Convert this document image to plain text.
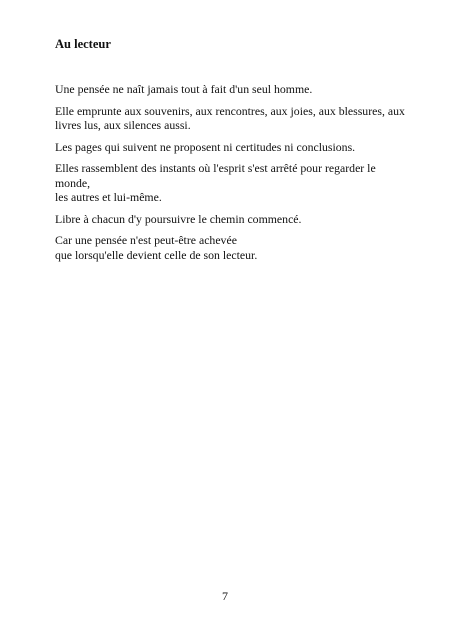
Au lecteur

Une pensée ne naît jamais tout à fait d'un seul homme.

Elle emprunte aux souvenirs, aux rencontres, aux joies, aux blessures, aux
livres lus, aux silences aussi.

Les pages qui suivent ne proposent ni certitudes ni conclusions.

Elles rassemblent des instants où l'esprit s'est arrêté pour regarder le monde,
les autres et lui-même.

Libre à chacun d'y poursuivre le chemin commencé.

Car une pensée n'est peut-être achevée
que lorsqu'elle devient celle de son lecteur.

7
